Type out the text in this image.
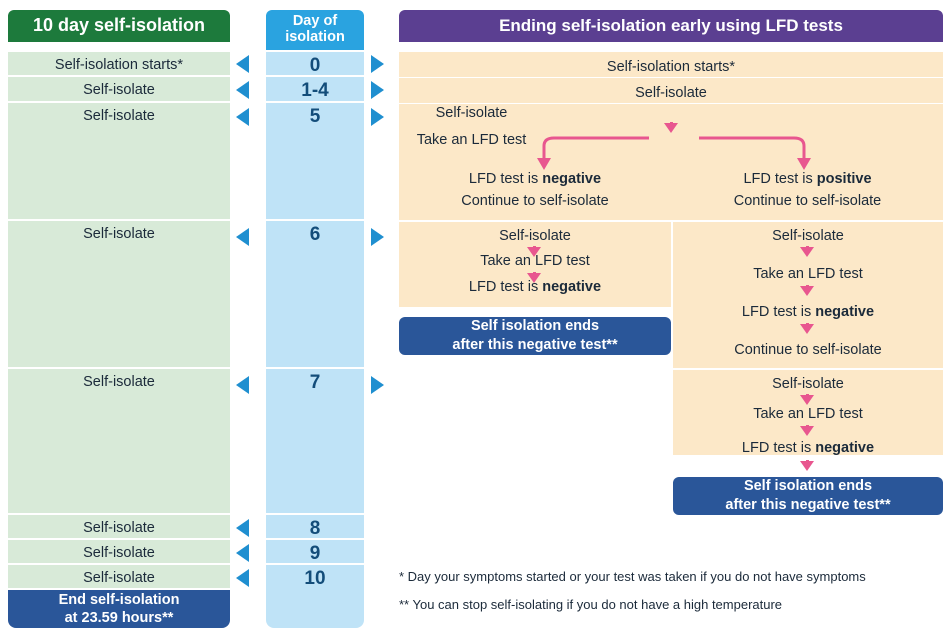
10 day self-isolation	Day of
isolation
Ending self-isolation early using LFD tests
Self-isolation starts*
Self-isolate
Self-isolate
Self-isolate
Self-isolate
Self-isolate
Self-isolate
Self-isolate
End self-isolation
at 23.59 hours**
0
1-4
5
6
7
8
9
10
Self-isolation starts*
Self-isolate
Self-isolate
Take an LFD test
LFD test is negative
Continue to self-isolate
LFD test is positive
Continue to self-isolate
Self-isolate
Take an LFD test
LFD test is negative
Self isolation ends
after this negative test**
Self-isolate
Take an LFD test
LFD test is negative
Continue to self-isolate
Self-isolate
Take an LFD test
LFD test is negative
Self isolation ends
after this negative test**
* Day your symptoms started or your test was taken if you do not have symptoms
** You can stop self-isolating if you do not have a high temperature
